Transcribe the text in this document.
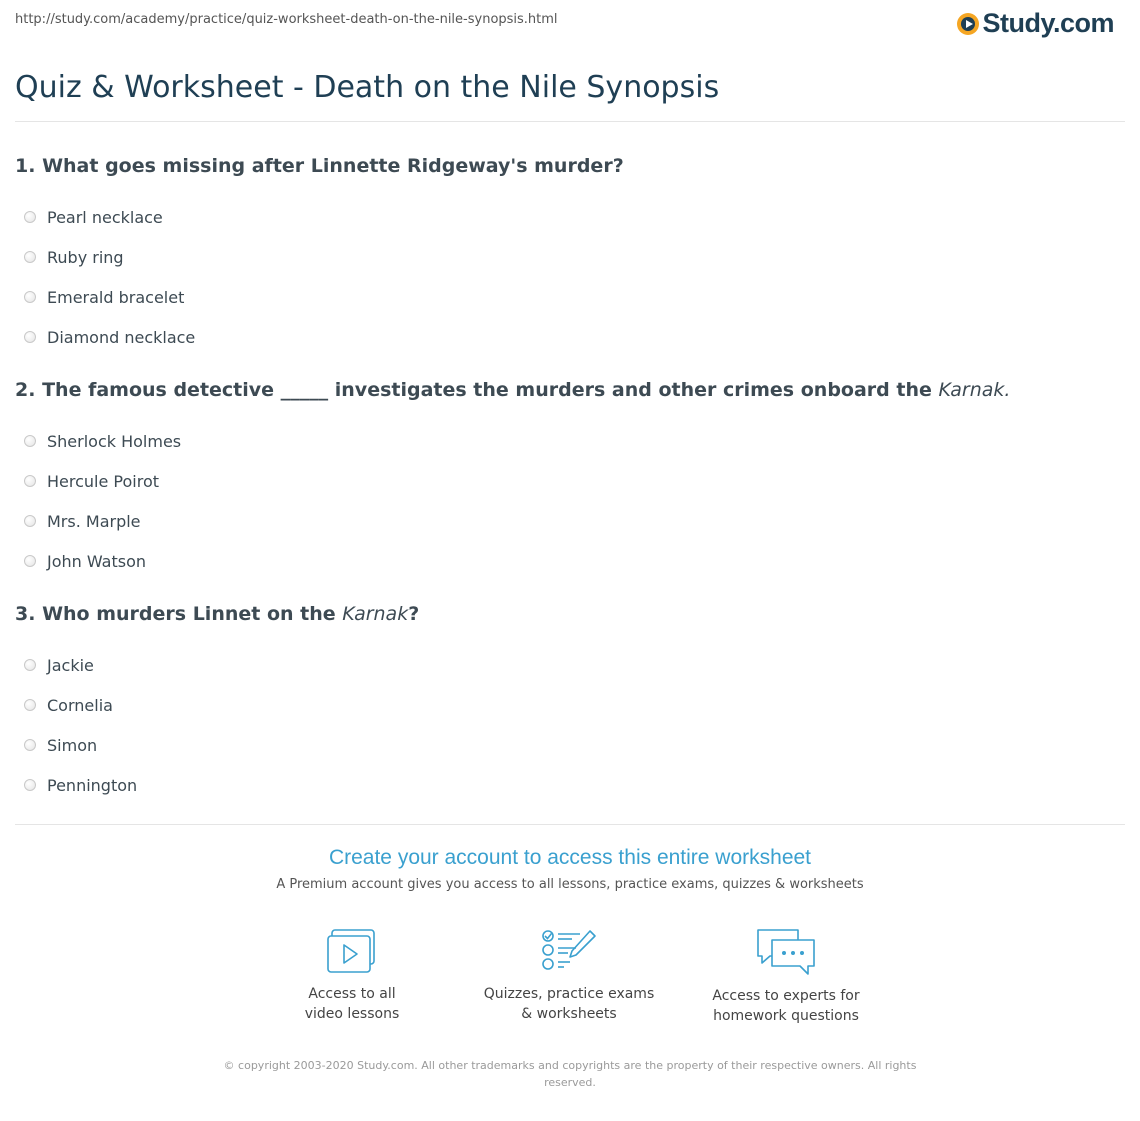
http://study.com/academy/practice/quiz-worksheet-death-on-the-nile-synopsis.html	Study.com
Quiz & Worksheet - Death on the Nile Synopsis
1. What goes missing after Linnette Ridgeway's murder?
Pearl necklace
Ruby ring
Emerald bracelet
Diamond necklace
2. The famous detective _____ investigates the murders and other crimes onboard the Karnak.
Sherlock Holmes
Hercule Poirot
Mrs. Marple
John Watson
3. Who murders Linnet on the Karnak?
Jackie
Cornelia
Simon
Pennington
Create your account to access this entire worksheet
A Premium account gives you access to all lessons, practice exams, quizzes & worksheets
Access to all
video lessons
Quizzes, practice exams
& worksheets
Access to experts for
homework questions
© copyright 2003-2020 Study.com. All other trademarks and copyrights are the property of their respective owners. All rights reserved.
